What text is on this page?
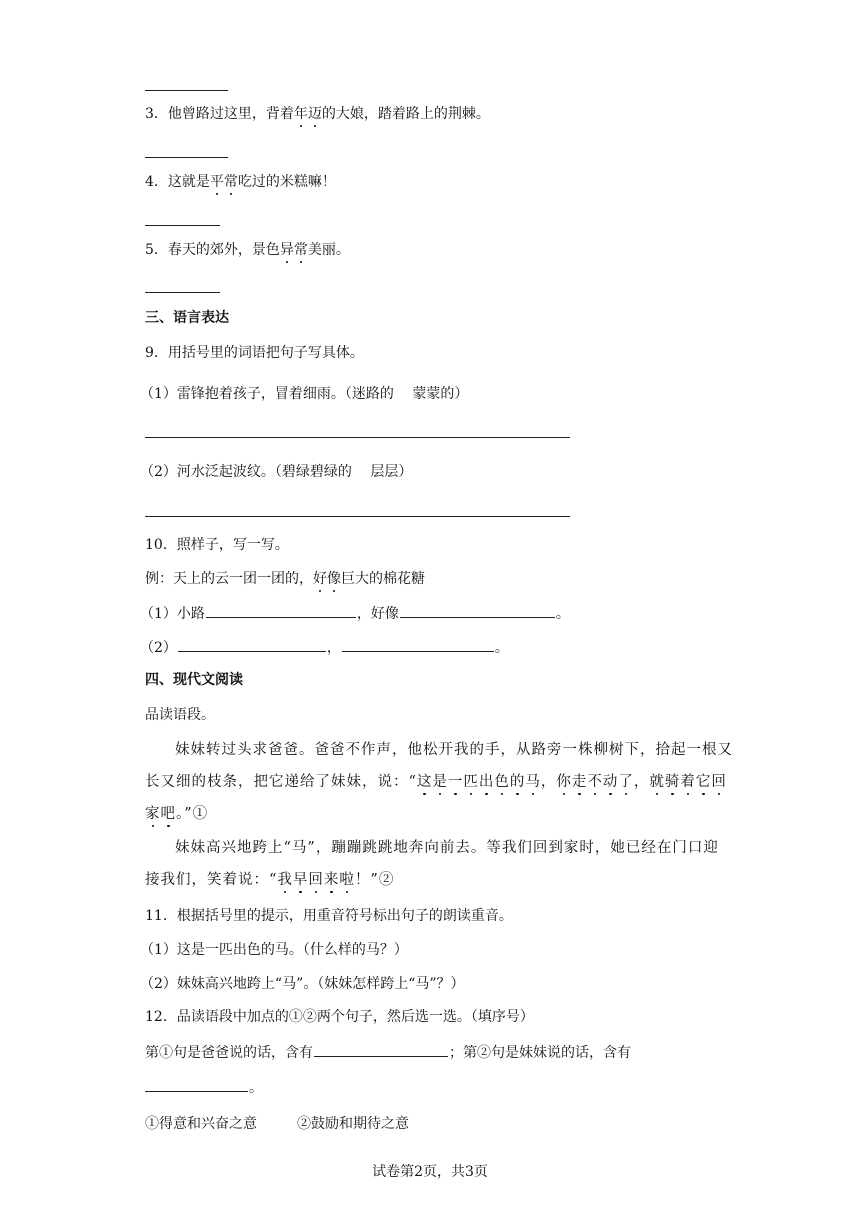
3．他曾路过这里，背着年迈的大娘，踏着路上的荆棘。
4．这就是平常吃过的米糕嘛！
5．春天的郊外，景色异常美丽。
三、语言表达
9．用括号里的词语把句子写具体。
（1）雷锋抱着孩子，冒着细雨。（迷路的　 蒙蒙的）
（2）河水泛起波纹。（碧绿碧绿的　 层层）
10．照样子，写一写。
例：天上的云一团一团的，好像巨大的棉花糖
（1）小路	，好像	。
（2）	，	。
四、现代文阅读
品读语段。
妹妹转过头求爸爸。爸爸不作声，他松开我的手，从路旁一株柳树下，拾起一根又
长又细的枝条，把它递给了妹妹，说：“这是一匹出色的马，你走不动了，就骑着它回
家吧。”①
妹妹高兴地跨上“马”，蹦蹦跳跳地奔向前去。等我们回到家时，她已经在门口迎
接我们，笑着说：“我早回来啦！”②
11．根据括号里的提示，用重音符号标出句子的朗读重音。
（1）这是一匹出色的马。（什么样的马？）
（2）妹妹高兴地跨上“马”。（妹妹怎样跨上“马”？）
12．品读语段中加点的①②两个句子，然后选一选。（填序号）
第①句是爸爸说的话，含有	；第②句是妹妹说的话，含有
。
①得意和兴奋之意	②鼓励和期待之意
试卷第2页，共3页
